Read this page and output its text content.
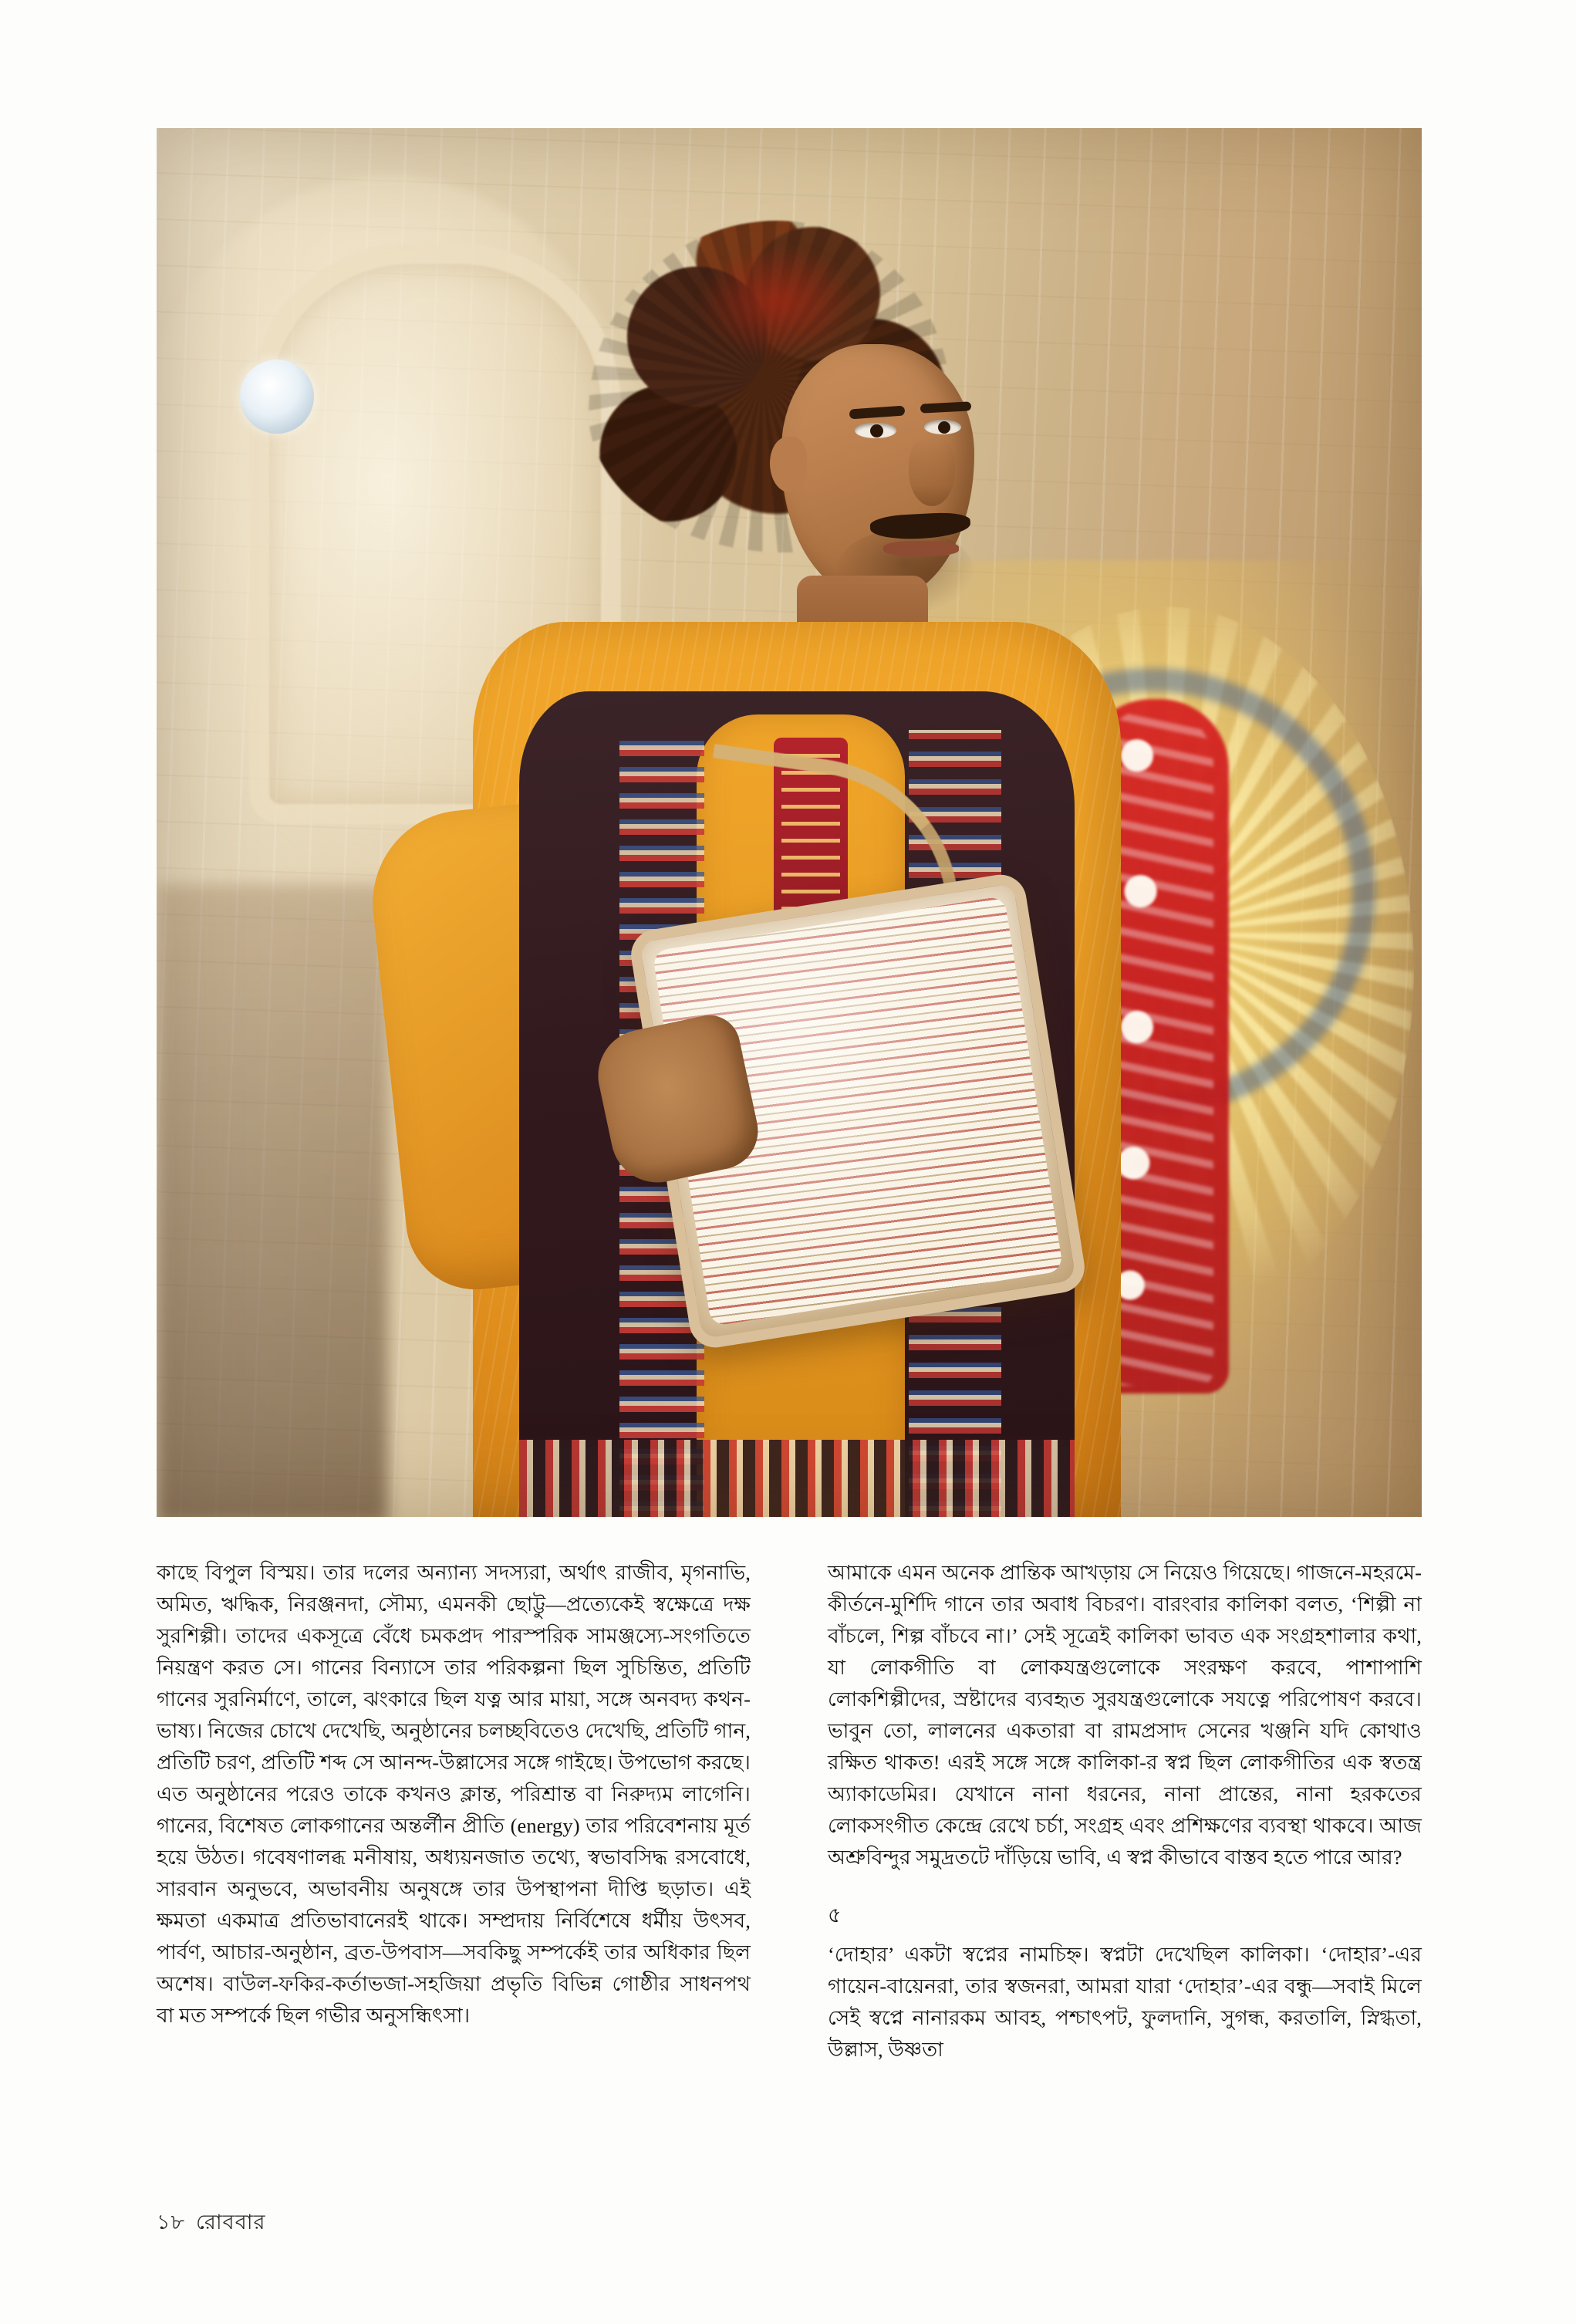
কাছে বিপুল বিস্ময়। তার দলের অন্যান্য সদস্যরা, অর্থাৎ রাজীব, মৃগনাভি, অমিত, ঋদ্ধিক, নিরঞ্জনদা, সৌম্য, এমনকী ছোট্টু—প্রত্যেকেই স্বক্ষেত্রে দক্ষ সুরশিল্পী। তাদের একসূত্রে বেঁধে চমকপ্রদ পারস্পরিক সামঞ্জস্যে-সংগতিতে নিয়ন্ত্রণ করত সে। গানের বিন্যাসে তার পরিকল্পনা ছিল সুচিন্তিত, প্রতিটি গানের সুরনির্মাণে, তালে, ঝংকারে ছিল যত্ন আর মায়া, সঙ্গে অনবদ্য কথন-ভাষ্য। নিজের চোখে দেখেছি, অনুষ্ঠানের চলচ্ছবিতেও দেখেছি, প্রতিটি গান, প্রতিটি চরণ, প্রতিটি শব্দ সে আনন্দ-উল্লাসের সঙ্গে গাইছে। উপভোগ করছে। এত অনুষ্ঠানের পরেও তাকে কখনও ক্লান্ত, পরিশ্রান্ত বা নিরুদ্যম লাগেনি। গানের, বিশেষত লোকগানের অন্তর্লীন প্রীতি (energy) তার পরিবেশনায় মূর্ত হয়ে উঠত। গবেষণালব্ধ মনীষায়, অধ্যয়নজাত তথ্যে, স্বভাবসিদ্ধ রসবোধে, সারবান অনুভবে, অভাবনীয় অনুষঙ্গে তার উপস্থাপনা দীপ্তি ছড়াত। এই ক্ষমতা একমাত্র প্রতিভাবানেরই থাকে। সম্প্রদায় নির্বিশেষে ধর্মীয় উৎসব, পার্বণ, আচার-অনুষ্ঠান, ব্রত-উপবাস—সবকিছু সম্পর্কেই তার অধিকার ছিল অশেষ। বাউল-ফকির-কর্তাভজা-সহজিয়া প্রভৃতি বিভিন্ন গোষ্ঠীর সাধনপথ বা মত সম্পর্কে ছিল গভীর অনুসন্ধিৎসা।

আমাকে এমন অনেক প্রান্তিক আখড়ায় সে নিয়েও গিয়েছে। গাজনে-মহরমে-কীর্তনে-মুর্শিদি গানে তার অবাধ বিচরণ। বারংবার কালিকা বলত, ‘শিল্পী না বাঁচলে, শিল্প বাঁচবে না।’ সেই সূত্রেই কালিকা ভাবত এক সংগ্রহশালার কথা, যা লোকগীতি বা লোকযন্ত্রগুলোকে সংরক্ষণ করবে, পাশাপাশি লোকশিল্পীদের, স্রষ্টাদের ব্যবহৃত সুরযন্ত্রগুলোকে সযত্নে পরিপোষণ করবে। ভাবুন তো, লালনের একতারা বা রামপ্রসাদ সেনের খঞ্জনি যদি কোথাও রক্ষিত থাকত! এরই সঙ্গে সঙ্গে কালিকা-র স্বপ্ন ছিল লোকগীতির এক স্বতন্ত্র অ্যাকাডেমির। যেখানে নানা ধরনের, নানা প্রান্তের, নানা হরকতের লোকসংগীত কেন্দ্রে রেখে চর্চা, সংগ্রহ এবং প্রশিক্ষণের ব্যবস্থা থাকবে। আজ অশ্রুবিন্দুর সমুদ্রতটে দাঁড়িয়ে ভাবি, এ স্বপ্ন কীভাবে বাস্তব হতে পারে আর?

৫

‘দোহার’ একটা স্বপ্নের নামচিহ্ন। স্বপ্নটা দেখেছিল কালিকা। ‘দোহার’-এর গায়েন-বায়েনরা, তার স্বজনরা, আমরা যারা ‘দোহার’-এর বন্ধু—সবাই মিলে সেই স্বপ্নে নানারকম আবহ, পশ্চাৎপট, ফুলদানি, সুগন্ধ, করতালি, স্নিগ্ধতা, উল্লাস, উষ্ণতা

১৮ রোববার
